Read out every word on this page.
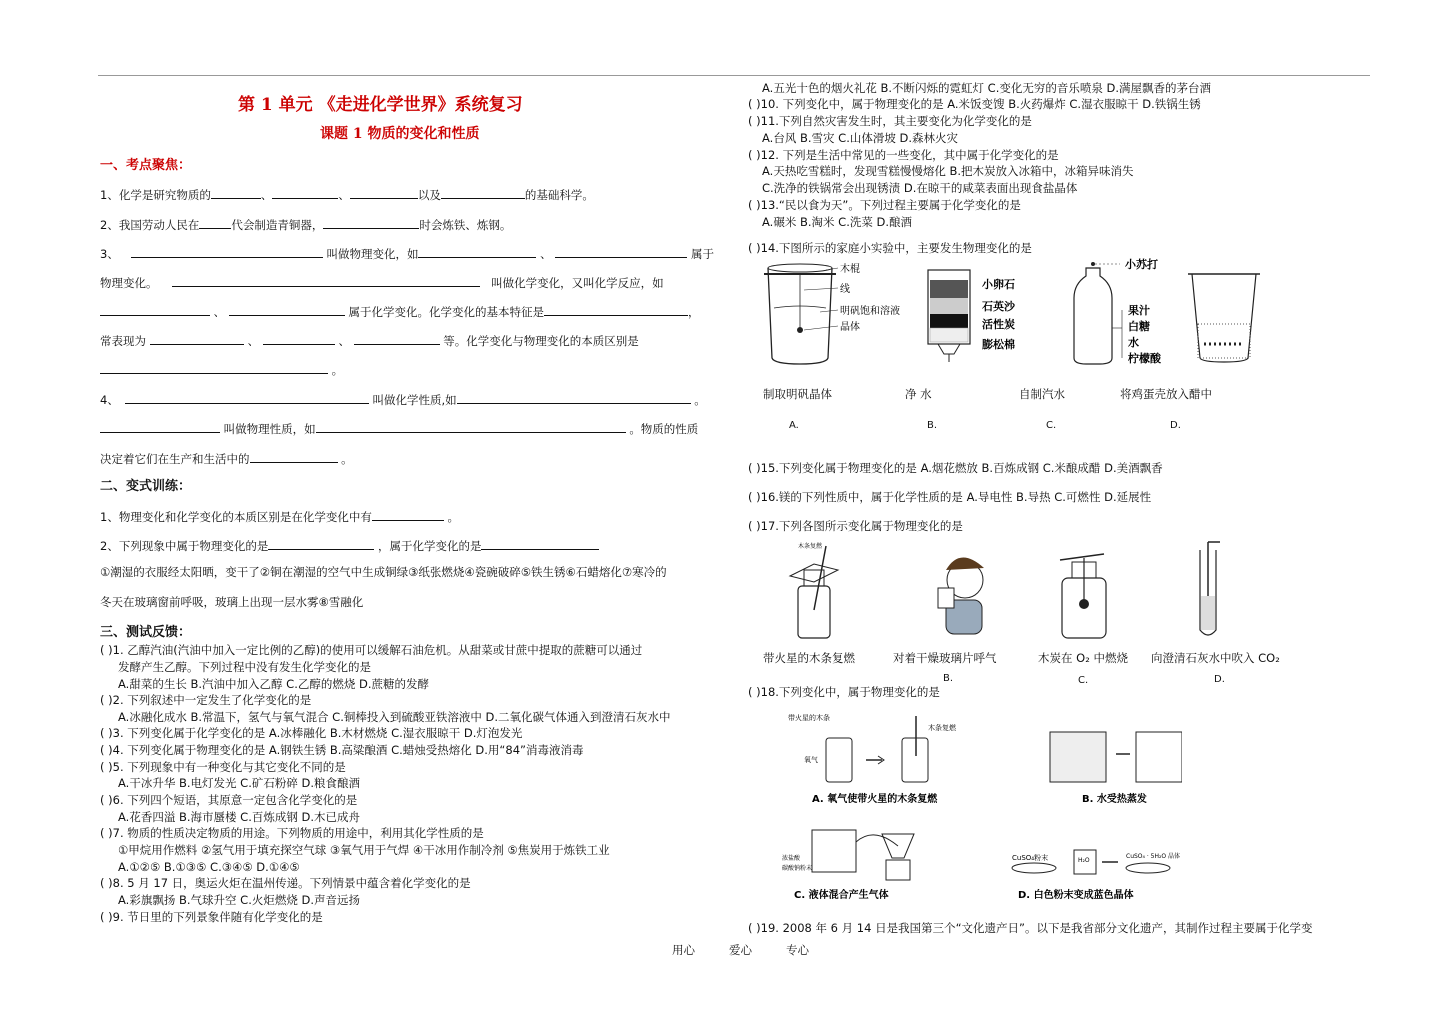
第 1 单元 《走进化学世界》系统复习
课题 1 物质的变化和性质
一、考点聚焦：
1、化学是研究物质的	、	、	以及	的基础科学。
2、我国劳动人民在	代会制造青铜器，	时会炼铁、炼钢。
3、	叫做物理变化，如	、	属于
物理变化。	叫做化学变化，又叫化学反应，如
、	属于化学变化。化学变化的基本特征是	，
常表现为	、	、	等。化学变化与物理变化的本质区别是
。
4、	叫做化学性质,如	。
叫做物理性质，如	。物质的性质
决定着它们在生产和生活中的	。
二、变式训练：
1、物理变化和化学变化的本质区别是在化学变化中有	。
2、下列现象中属于物理变化的是	，属于化学变化的是
①潮湿的衣服经太阳晒，变干了②铜在潮湿的空气中生成铜绿③纸张燃烧④瓷碗破碎⑤铁生锈⑥石蜡熔化⑦寒冷的
冬天在玻璃窗前呼吸，玻璃上出现一层水雾⑧雪融化
三、测试反馈：
( )1. 乙醇汽油(汽油中加入一定比例的乙醇)的使用可以缓解石油危机。从甜菜或甘蔗中提取的蔗糖可以通过
发酵产生乙醇。下列过程中没有发生化学变化的是
A.甜菜的生长 B.汽油中加入乙醇 C.乙醇的燃烧 D.蔗糖的发酵
( )2. 下列叙述中一定发生了化学变化的是
A.冰融化成水 B.常温下，氢气与氧气混合 C.铜棒投入到硫酸亚铁溶液中 D.二氧化碳气体通入到澄清石灰水中
( )3. 下列变化属于化学变化的是 A.冰棒融化 B.木材燃烧 C.湿衣服晾干 D.灯泡发光
( )4. 下列变化属于物理变化的是 A.钢铁生锈 B.高粱酿酒 C.蜡烛受热熔化 D.用“84”消毒液消毒
( )5. 下列现象中有一种变化与其它变化不同的是
A.干冰升华 B.电灯发光 C.矿石粉碎 D.粮食酿酒
( )6. 下列四个短语，其原意一定包含化学变化的是
A.花香四溢 B.海市蜃楼 C.百炼成钢 D.木已成舟
( )7. 物质的性质决定物质的用途。下列物质的用途中，利用其化学性质的是
①甲烷用作燃料 ②氢气用于填充探空气球 ③氧气用于气焊 ④干冰用作制冷剂 ⑤焦炭用于炼铁工业
A.①②⑤ B.①③⑤ C.③④⑤ D.①④⑤
( )8. 5 月 17 日，奥运火炬在温州传递。下列情景中蕴含着化学变化的是
A.彩旗飘扬 B.气球升空 C.火炬燃烧 D.声音远扬
( )9. 节日里的下列景象伴随有化学变化的是
A.五光十色的烟火礼花 B.不断闪烁的霓虹灯 C.变化无穷的音乐喷泉 D.满屋飘香的茅台酒
( )10. 下列变化中，属于物理变化的是 A.米饭变馊 B.火药爆炸 C.湿衣服晾干 D.铁锅生锈
( )11.下列自然灾害发生时，其主要变化为化学变化的是
A.台风 B.雪灾 C.山体滑坡 D.森林火灾
( )12. 下列是生活中常见的一些变化，其中属于化学变化的是
A.天热吃雪糕时，发现雪糕慢慢熔化 B.把木炭放入冰箱中，冰箱异味消失
C.洗净的铁锅常会出现锈渍 D.在晾干的咸菜表面出现食盐晶体
( )13.“民以食为天”。下列过程主要属于化学变化的是
A.碾米 B.淘米 C.洗菜 D.酿酒
( )14.下图所示的家庭小实验中，主要发生物理变化的是
木棍
线
明矾饱和溶液
晶体
小卵石
石英沙
活性炭
膨松棉
小苏打
果汁
白糖
水
柠檬酸
制取明矾晶体	净 水	自制汽水	将鸡蛋壳放入醋中
A.	B.	C.	D.
( )15.下列变化属于物理变化的是 A.烟花燃放 B.百炼成钢 C.米酿成醋 D.美酒飘香
( )16.镁的下列性质中，属于化学性质的是 A.导电性 B.导热 C.可燃性 D.延展性
( )17.下列各图所示变化属于物理变化的是
木条复燃
带火星的木条复燃	对着干燥玻璃片呼气	木炭在 O₂ 中燃烧 向澄清石灰水中吹入 CO₂
B.	C.	D.
( )18.下列变化中，属于物理变化的是
带火星的木条
氧气
木条复燃
A. 氧气使带火星的木条复燃	B. 水受热蒸发
浓盐酸
碳酸钠粉末
C. 液体混合产生气体
CuSO₄粉末	H₂O
CuSO₄ · 5H₂O 晶体
D. 白色粉末变成蓝色晶体
( )19. 2008 年 6 月 14 日是我国第三个“文化遗产日”。以下是我省部分文化遗产，其制作过程主要属于化学变
用心	爱心	专心
